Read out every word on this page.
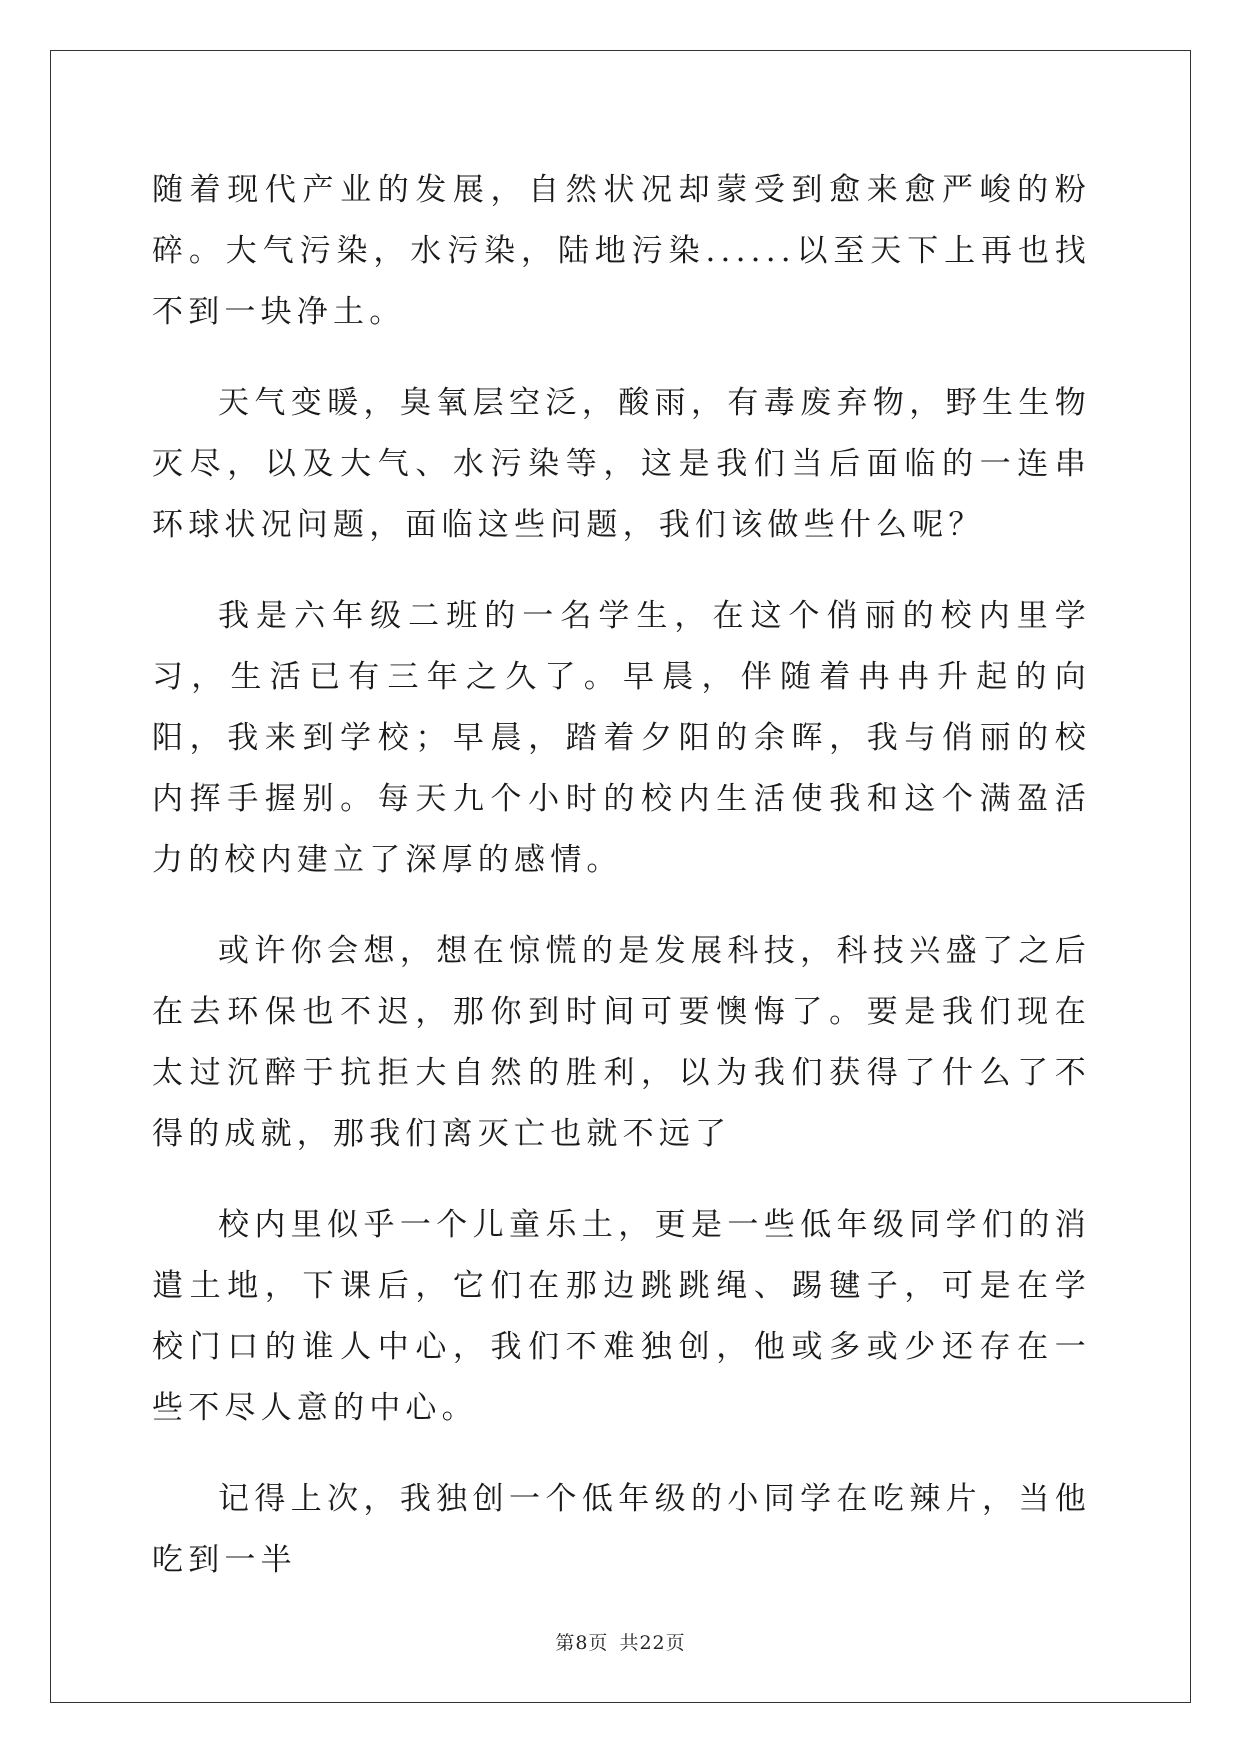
随着现代产业的发展，自然状况却蒙受到愈来愈严峻的粉碎。大气污染，水污染，陆地污染......以至天下上再也找不到一块净土。

天气变暖，臭氧层空泛，酸雨，有毒废弃物，野生生物灭尽，以及大气、水污染等，这是我们当后面临的一连串环球状况问题，面临这些问题，我们该做些什么呢？

我是六年级二班的一名学生，在这个俏丽的校内里学习，生活已有三年之久了。早晨，伴随着冉冉升起的向阳，我来到学校；早晨，踏着夕阳的余晖，我与俏丽的校内挥手握别。每天九个小时的校内生活使我和这个满盈活力的校内建立了深厚的感情。

或许你会想，想在惊慌的是发展科技，科技兴盛了之后在去环保也不迟，那你到时间可要懊悔了。要是我们现在太过沉醉于抗拒大自然的胜利，以为我们获得了什么了不得的成就，那我们离灭亡也就不远了

校内里似乎一个儿童乐土，更是一些低年级同学们的消遣土地，下课后，它们在那边跳跳绳、踢毽子，可是在学校门口的谁人中心，我们不难独创，他或多或少还存在一些不尽人意的中心。

记得上次，我独创一个低年级的小同学在吃辣片，当他吃到一半

第8页 共22页
